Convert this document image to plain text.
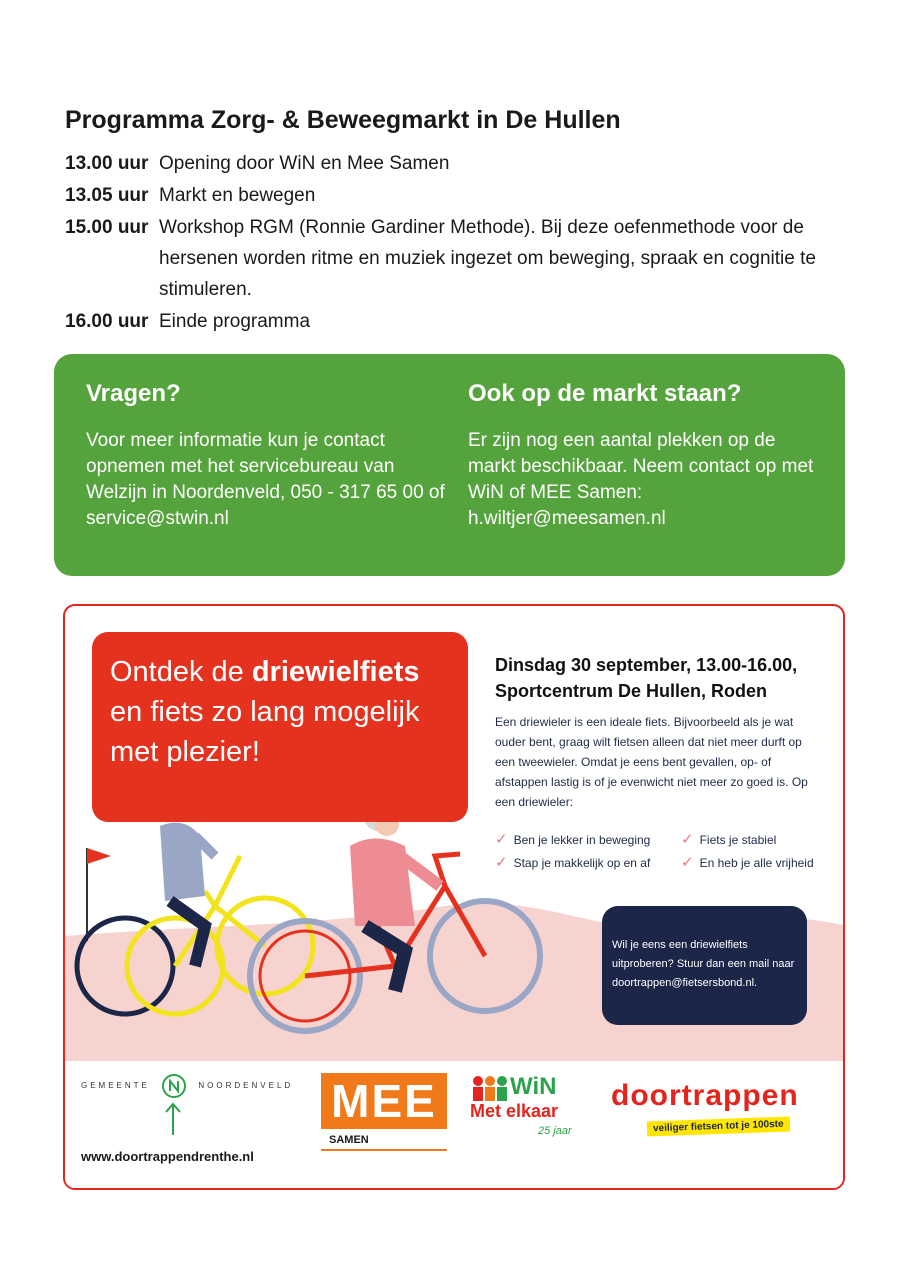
Programma Zorg- & Beweegmarkt in De Hullen
13.00 uur Opening door WiN en Mee Samen
13.05 uur Markt en bewegen
15.00 uur Workshop RGM (Ronnie Gardiner Methode). Bij deze oefenmethode voor de hersenen worden ritme en muziek ingezet om beweging, spraak en cognitie te stimuleren.
16.00 uur Einde programma
Vragen?

Voor meer informatie kun je contact opnemen met het servicebureau van Welzijn in Noordenveld, 050 - 317 65 00 of service@stwin.nl

Ook op de markt staan?

Er zijn nog een aantal plekken op de markt beschikbaar. Neem contact op met WiN of MEE Samen: h.wiltjer@meesamen.nl

Ontdek de driewielfiets en fiets zo lang mogelijk met plezier!
Dinsdag 30 september, 13.00-16.00,
Sportcentrum De Hullen, Roden
Een driewieler is een ideale fiets. Bijvoorbeeld als je wat ouder bent, graag wilt fietsen alleen dat niet meer durft op een tweewieler. Omdat je eens bent gevallen, op- of afstappen lastig is of je evenwicht niet meer zo goed is. Op een driewieler:
✓ Ben je lekker in beweging ✓ Fiets je stabiel
✓ Stap je makkelijk op en af ✓ En heb je alle vrijheid
Wil je eens een driewielfiets uitproberen? Stuur dan een mail naar doortrappen@fietsersbond.nl.
GEMEENTE	NOORDENVELD
www.doortrappendrenthe.nl
MEE
SAMEN
WiN
Met elkaar
25 jaar
doortrappen
veiliger fietsen tot je 100ste
